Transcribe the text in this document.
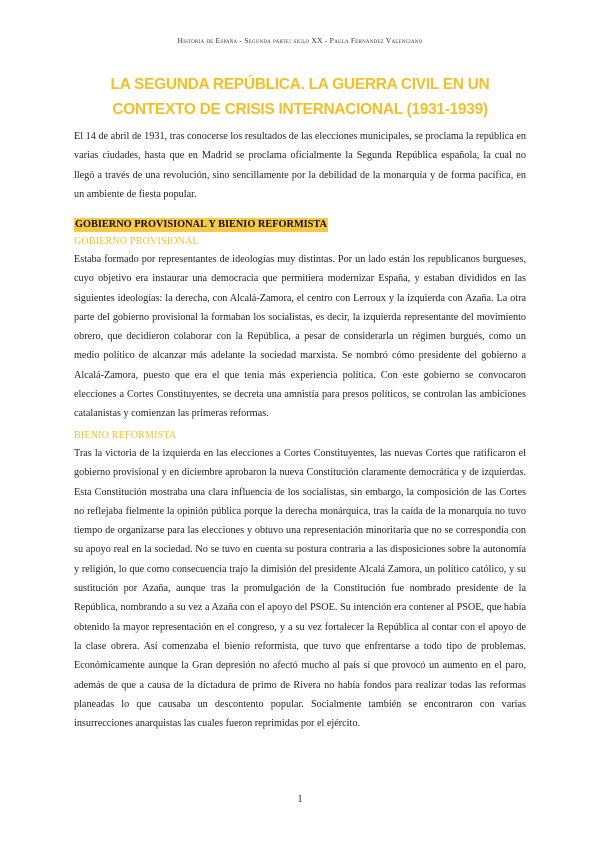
Historia de España - Segunda parte: siglo XX - Paula Fernández Valenciano
LA SEGUNDA REPÚBLICA. LA GUERRA CIVIL EN UN CONTEXTO DE CRISIS INTERNACIONAL (1931-1939)

El 14 de abril de 1931, tras conocerse los resultados de las elecciones municipales, se proclama la república en varias ciudades, hasta que en Madrid se proclama oficialmente la Segunda República española, la cual no llegó a través de una revolución, sino sencillamente por la debilidad de la monarquía y de forma pacífica, en un ambiente de fiesta popular.

GOBIERNO PROVISIONAL Y BIENIO REFORMISTA
GOBIERNO PROVISIONAL

Estaba formado por representantes de ideologías muy distintas. Por un lado están los republicanos burgueses, cuyo objetivo era instaurar una democracia que permitiera modernizar España, y estaban divididos en las siguientes ideologías: la derecha, con Alcalá-Zamora, el centro con Lerroux y la izquierda con Azaña. La otra parte del gobierno provisional la formaban los socialistas, es decir, la izquierda representante del movimiento obrero, que decidieron colaborar con la República, a pesar de considerarla un régimen burgués, como un medio político de alcanzar más adelante la sociedad marxista. Se nombró cómo presidente del gobierno a Alcalá-Zamora, puesto que era el que tenía más experiencia política. Con este gobierno se convocaron elecciones a Cortes Constituyentes, se decreta una amnistía para presos políticos, se controlan las ambiciones catalanistas y comienzan las primeras reformas.

BIENIO REFORMISTA

Tras la victoria de la izquierda en las elecciones a Cortes Constituyentes, las nuevas Cortes que ratificaron el gobierno provisional y en diciembre aprobaron la nueva Constitución claramente democrática y de izquierdas. Esta Constitución mostraba una clara influencia de los socialistas, sin embargo, la composición de las Cortes no reflejaba fielmente la opinión pública porque la derecha monárquica, tras la caída de la monarquía no tuvo tiempo de organizarse para las elecciones y obtuvo una representación minoritaria que no se correspondía con su apoyo real en la sociedad. No se tuvo en cuenta su postura contraria a las disposiciones sobre la autonomía y religión, lo que como consecuencia trajo la dimisión del presidente Alcalá Zamora, un político católico, y su sustitución por Azaña, aunque tras la promulgación de la Constitución fue nombrado presidente de la República, nombrando a su vez a Azaña con el apoyo del PSOE. Su intención era contener al PSOE, que había obtenido la mayor representación en el congreso, y a su vez fortalecer la República al contar con el apoyo de la clase obrera. Así comenzaba el bienio reformista, que tuvo que enfrentarse a todo tipo de problemas. Económicamente aunque la Gran depresión no afectó mucho al país sí que provocó un aumento en el paro, además de que a causa de la dictadura de primo de Rivera no había fondos para realizar todas las reformas planeadas lo que causaba un descontento popular. Socialmente también se encontraron con varias insurrecciones anarquistas las cuales fueron reprimidas por el ejército.

1
